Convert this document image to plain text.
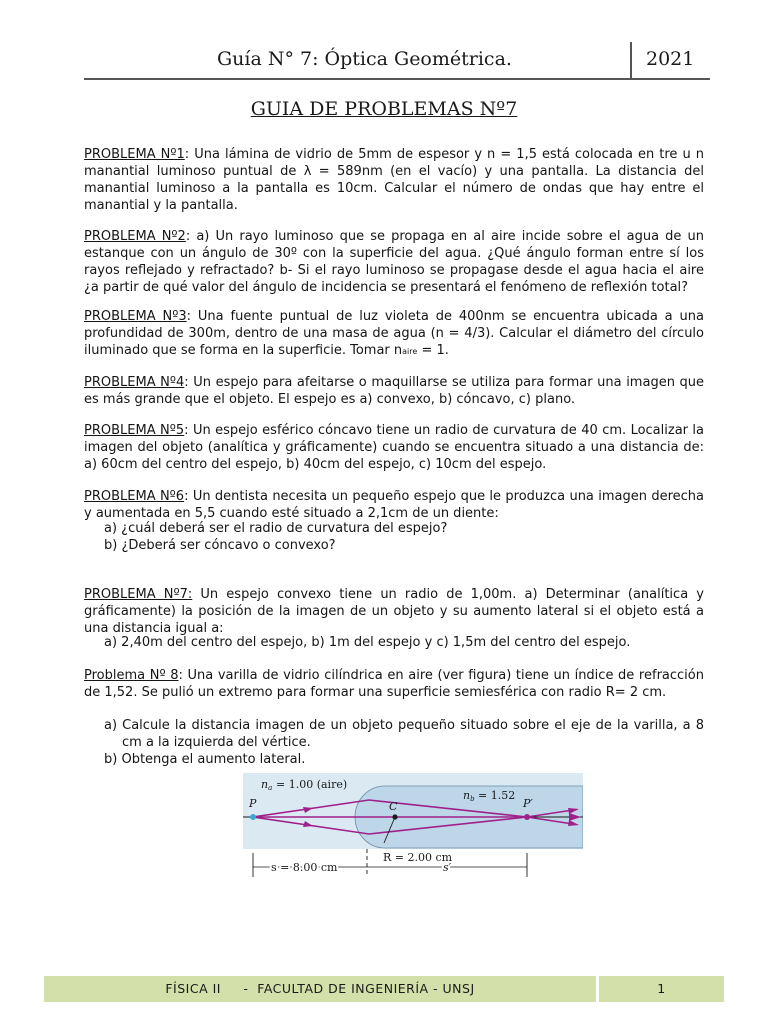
Guía N° 7: Óptica Geométrica.	2021
GUIA DE PROBLEMAS Nº7
PROBLEMA Nº1: Una lámina de vidrio de 5mm de espesor y n = 1,5 está colocada en tre u n manantial luminoso puntual de λ = 589nm (en el vacío) y una pantalla. La distancia del manantial luminoso a la pantalla es 10cm. Calcular el número de ondas que hay entre el manantial y la pantalla.
PROBLEMA Nº2: a) Un rayo luminoso que se propaga en al aire incide sobre el agua de un estanque con un ángulo de 30º con la superficie del agua. ¿Qué ángulo forman entre sí los rayos reflejado y refractado? b- Si el rayo luminoso se propagase desde el agua hacia el aire ¿a partir de qué valor del ángulo de incidencia se presentará el fenómeno de reflexión total?
PROBLEMA Nº3: Una fuente puntual de luz violeta de 400nm se encuentra ubicada a una profundidad de 300m, dentro de una masa de agua (n = 4/3). Calcular el diámetro del círculo iluminado que se forma en la superficie. Tomar naire = 1.
PROBLEMA Nº4: Un espejo para afeitarse o maquillarse se utiliza para formar una imagen que es más grande que el objeto. El espejo es a) convexo, b) cóncavo, c) plano.
PROBLEMA Nº5: Un espejo esférico cóncavo tiene un radio de curvatura de 40 cm. Localizar la imagen del objeto (analítica y gráficamente) cuando se encuentra situado a una distancia de: a) 60cm del centro del espejo, b) 40cm del espejo, c) 10cm del espejo.
PROBLEMA Nº6: Un dentista necesita un pequeño espejo que le produzca una imagen derecha y aumentada en 5,5 cuando esté situado a 2,1cm de un diente:
a) ¿cuál deberá ser el radio de curvatura del espejo?
b) ¿Deberá ser cóncavo o convexo?
PROBLEMA Nº7: Un espejo convexo tiene un radio de 1,00m. a) Determinar (analítica y gráficamente) la posición de la imagen de un objeto y su aumento lateral si el objeto está a una distancia igual a:
a) 2,40m del centro del espejo, b) 1m del espejo y c) 1,5m del centro del espejo.
Problema Nº 8: Una varilla de vidrio cilíndrica en aire (ver figura) tiene un índice de refracción de 1,52. Se pulió un extremo para formar una superficie semiesférica con radio R= 2 cm.
a) Calcule la distancia imagen de un objeto pequeño situado sobre el eje de la varilla, a 8 cm a la izquierda del vértice.
b) Obtenga el aumento lateral.
na = 1.00 (aire)
nb = 1.52
P	P′
C
R = 2.00 cm
s = 8.00 cm	s′
FÍSICA II     -  FACULTAD DE INGENIERÍA - UNSJ	1
